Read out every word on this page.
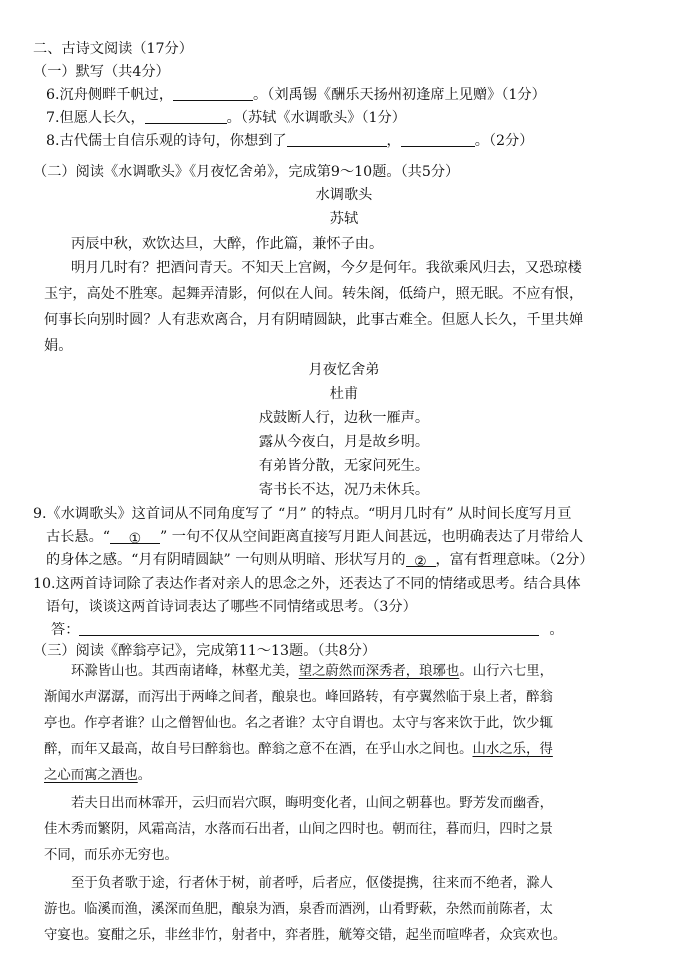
二、古诗文阅读（17分）
（一）默写（共4分）
6.沉舟侧畔千帆过，	。（刘禹锡《酬乐天扬州初逢席上见赠》（1分）
7.但愿人长久，	。（苏轼《水调歌头》（1分）
8.古代儒士自信乐观的诗句，你想到了	，	。（2分）
（二）阅读《水调歌头》《月夜忆舍弟》，完成第9～10题。（共5分）
水调歌头
苏轼
丙辰中秋，欢饮达旦，大醉，作此篇，兼怀子由。
明月几时有？把酒问青天。不知天上宫阙，今夕是何年。我欲乘风归去，又恐琼楼
玉宇，高处不胜寒。起舞弄清影，何似在人间。转朱阁，低绮户，照无眠。不应有恨，
何事长向别时圆？人有悲欢离合，月有阴晴圆缺，此事古难全。但愿人长久，千里共婵
娟。
月夜忆舍弟
杜甫
戍鼓断人行，边秋一雁声。
露从今夜白，月是故乡明。
有弟皆分散，无家问死生。
寄书长不达，况乃未休兵。
9.《水调歌头》这首词从不同角度写了 “月” 的特点。“明月几时有” 从时间长度写月亘
古长悬。“ ① ” 一句不仅从空间距离直接写月距人间甚远，也明确表达了月带给人
的身体之感。“月有阴晴圆缺” 一句则从明暗、形状写月的 ② ，富有哲理意味。（2分）
10.这两首诗词除了表达作者对亲人的思念之外，还表达了不同的情绪或思考。结合具体
语句，谈谈这两首诗词表达了哪些不同情绪或思考。（3分）
答：	。
（三）阅读《醉翁亭记》，完成第11～13题。（共8分）
环滁皆山也。其西南诸峰，林壑尤美，望之蔚然而深秀者，琅琊也。山行六七里，
渐闻水声潺潺，而泻出于两峰之间者，酿泉也。峰回路转，有亭翼然临于泉上者，醉翁
亭也。作亭者谁？山之僧智仙也。名之者谁？太守自谓也。太守与客来饮于此，饮少辄
醉，而年又最高，故自号曰醉翁也。醉翁之意不在酒，在乎山水之间也。山水之乐，得
之心而寓之酒也。
若夫日出而林霏开，云归而岩穴暝，晦明变化者，山间之朝暮也。野芳发而幽香，
佳木秀而繁阴，风霜高洁，水落而石出者，山间之四时也。朝而往，暮而归，四时之景
不同，而乐亦无穷也。
至于负者歌于途，行者休于树，前者呼，后者应，伛偻提携，往来而不绝者，滁人
游也。临溪而渔，溪深而鱼肥，酿泉为酒，泉香而酒洌，山肴野蔌，杂然而前陈者，太
守宴也。宴酣之乐，非丝非竹，射者中，弈者胜，觥筹交错，起坐而喧哗者，众宾欢也。
